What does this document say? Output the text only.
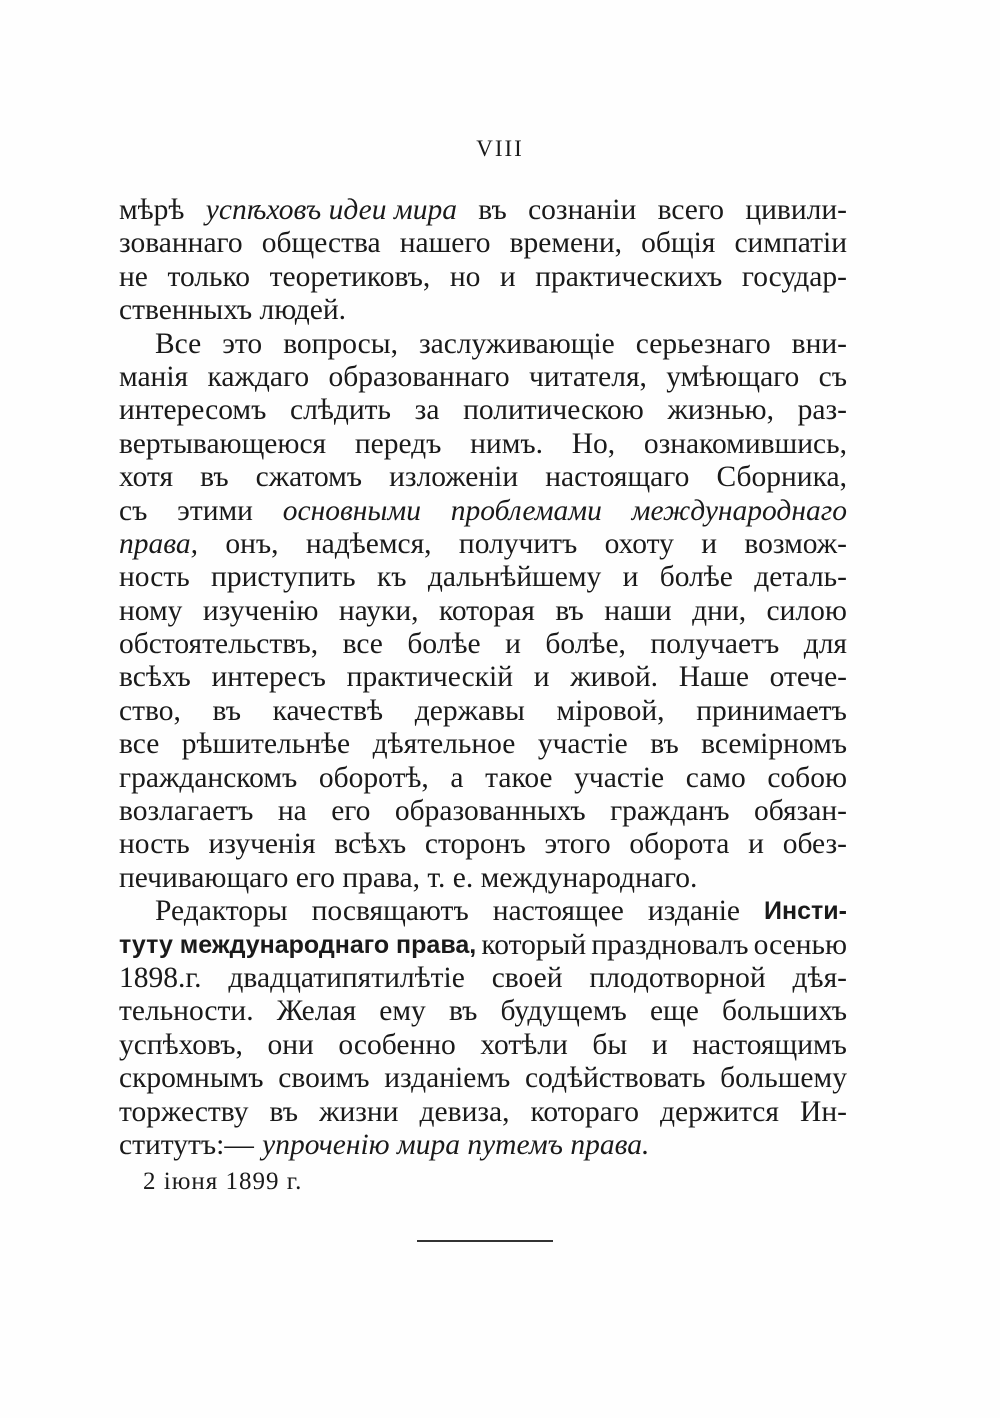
VIII
мѣрѣ успѣховъ идеи мира въ сознаніи всего цивили-
зованнаго общества нашего времени, общія симпатіи
не только теоретиковъ, но и практическихъ государ-
ственныхъ людей.
Все это вопросы, заслуживающіе серьезнаго вни-
манія каждаго образованнаго читателя, умѣющаго съ
интересомъ слѣдить за политическою жизнью, раз-
вертывающеюся передъ нимъ. Но, ознакомившись,
хотя въ сжатомъ изложеніи настоящаго Сборника,
съ этими основными проблемами международнаго
права, онъ, надѣемся, получитъ охоту и возмож-
ность приступить къ дальнѣйшему и болѣе деталь-
ному изученію науки, которая въ наши дни, силою
обстоятельствъ, все болѣе и болѣе, получаетъ для
всѣхъ интересъ практическій и живой. Наше отече-
ство, въ качествѣ державы міровой, принимаетъ
все рѣшительнѣе дѣятельное участіе въ всемірномъ
гражданскомъ оборотѣ, а такое участіе само собою
возлагаетъ на его образованныхъ гражданъ обязан-
ность изученія всѣхъ сторонъ этого оборота и обез-
печивающаго его права, т. е. международнаго.
Редакторы посвящаютъ настоящее изданіе Инсти-
туту международнаго права, который праздновалъ осенью
1898.г. двадцатипятилѣтіе своей плодотворной дѣя-
тельности. Желая ему въ будущемъ еще большихъ
успѣховъ, они особенно хотѣли бы и настоящимъ
скромнымъ своимъ изданіемъ содѣйствовать большему
торжеству въ жизни девиза, котораго держится Ин-
ститутъ:— упроченію мира путемъ права.
2 іюня 1899 г.
